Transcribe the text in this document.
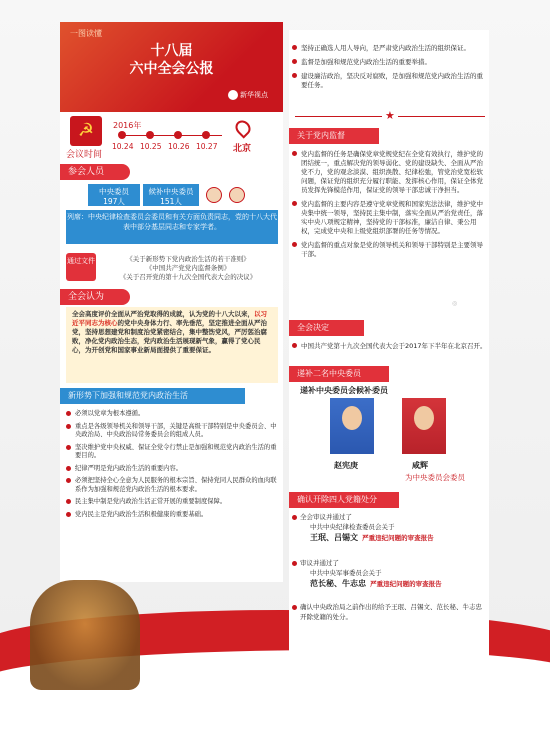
一图读懂
十八届
六中全会公报
新华视点
☭
会议时间
2016年
10.24 10.25 10.26 10.27 北京
参会人员
中央委员
197人
候补中央委员
151人
列席：中央纪律检查委员会委员和有关方面负责同志，党的十八大代表中部分基层同志和专家学者。
通过文件	《关于新形势下党内政治生活的若干准则》
《中国共产党党内监督条例》
《关于召开党的第十九次全国代表大会的决议》
全会认为
全会高度评价全面从严治党取得的成就，认为党的十八大以来，以习近平同志为核心的党中央身体力行、率先垂范，坚定推进全面从严治党，坚持思想建党和制度治党紧密结合，集中整饬党风，严厉惩治腐败，净化党内政治生态，党内政治生活展现新气象，赢得了党心民心，为开创党和国家事业新局面提供了重要保证。
新形势下加强和规范党内政治生活
必须以党章为根本遵循。
重点是各级领导机关和领导干部，关键是高级干部特别是中央委员会、中央政治局、中央政治局常务委员会的组成人员。
坚决维护党中央权威、保证全党令行禁止是加强和规范党内政治生活的重要目的。
纪律严明是党内政治生活的重要内容。
必须把坚持全心全意为人民服务的根本宗旨、保持党同人民群众的血肉联系作为加强和规范党内政治生活的根本要求。
民主集中制是党内政治生活正常开展的重要制度保障。
党内民主是党内政治生活积极健康的重要基础。
坚持正确选人用人导向，是严肃党内政治生活的组织保证。
监督是加强和规范党内政治生活的重要举措。
建设廉洁政治，坚决反对腐败，是加强和规范党内政治生活的重要任务。
★
关于党内监督
党内监督的任务是确保党章党规党纪在全党有效执行，维护党的团结统一，重点解决党的领导弱化、党的建设缺失、全面从严治党不力，党的观念淡漠、组织涣散、纪律松弛，管党治党宽松软问题，保证党的组织充分履行职能、发挥核心作用，保证全体党员发挥先锋模范作用，保证党的领导干部忠诚干净担当。
党内监督的主要内容是遵守党章党规和国家宪法法律，维护党中央集中统一领导，坚持民主集中制，落实全面从严治党责任，落实中央八项规定精神，坚持党的干部标准，廉洁自律、秉公用权，完成党中央和上级党组织部署的任务等情况。
党内监督的重点对象是党的领导机关和领导干部特别是主要领导干部。
◎
全会决定
中国共产党第十九次全国代表大会于2017年下半年在北京召开。
递补二名中央委员
递补中央委员会候补委员
赵宪庚	咸辉
为中央委员会委员
确认开除四人党籍处分
全会审议并通过了
中共中央纪律检查委员会关于
王珉、吕锡文 严重违纪问题的审查报告
审议并通过了
中共中央军事委员会关于
范长秘、牛志忠 严重违纪问题的审查报告
确认中央政治局之前作出的给予王珉、吕锡文、范长秘、牛志忠开除党籍的处分。
